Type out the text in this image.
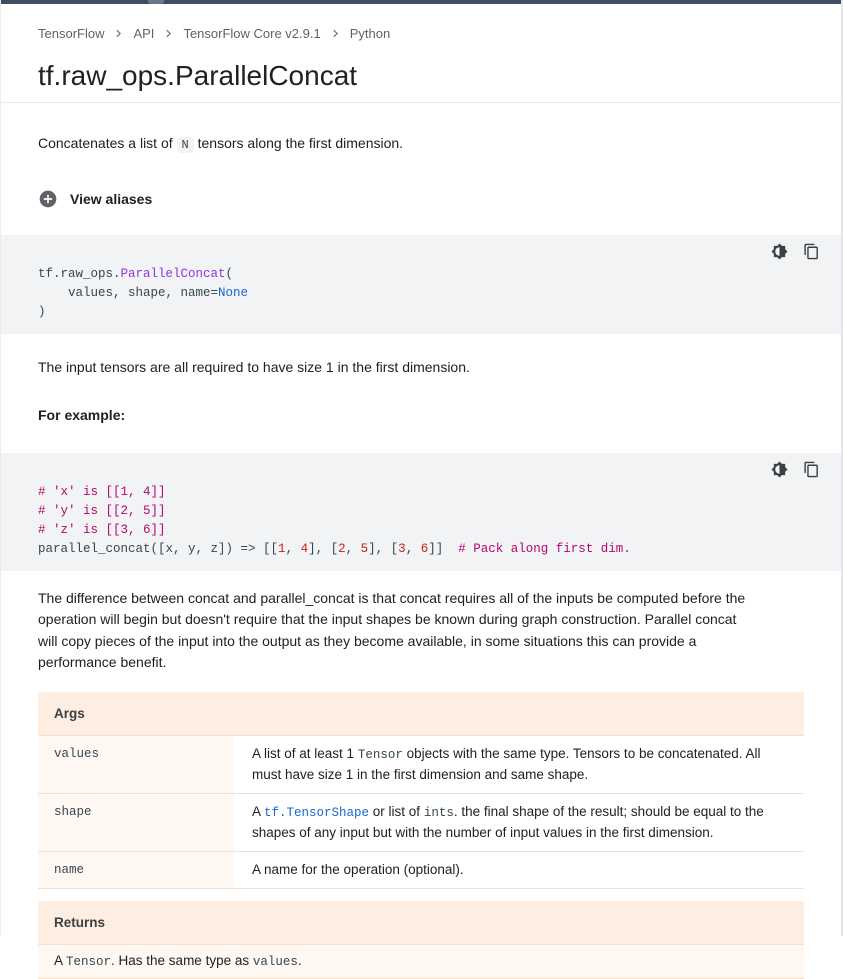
TensorFlow API TensorFlow Core v2.9.1 Python
tf.raw_ops.ParallelConcat

Concatenates a list of N tensors along the first dimension.

View aliases
tf.raw_ops.ParallelConcat(
values, shape, name=None
)

The input tensors are all required to have size 1 in the first dimension.

For example:

# 'x' is [[1, 4]]
# 'y' is [[2, 5]]
# 'z' is [[3, 6]]
parallel_concat([x, y, z]) => [[1, 4], [2, 5], [3, 6]]  # Pack along first dim.

The difference between concat and parallel_concat is that concat requires all of the inputs be computed before the operation will begin but doesn't require that the input shapes be known during graph construction. Parallel concat will copy pieces of the input into the output as they become available, in some situations this can provide a performance benefit.

Args
values	A list of at least 1 Tensor objects with the same type. Tensors to be concatenated. All must have size 1 in the first dimension and same shape.
shape	A tf.TensorShape or list of ints. the final shape of the result; should be equal to the shapes of any input but with the number of input values in the first dimension.
name	A name for the operation (optional).
Returns
A Tensor. Has the same type as values.
